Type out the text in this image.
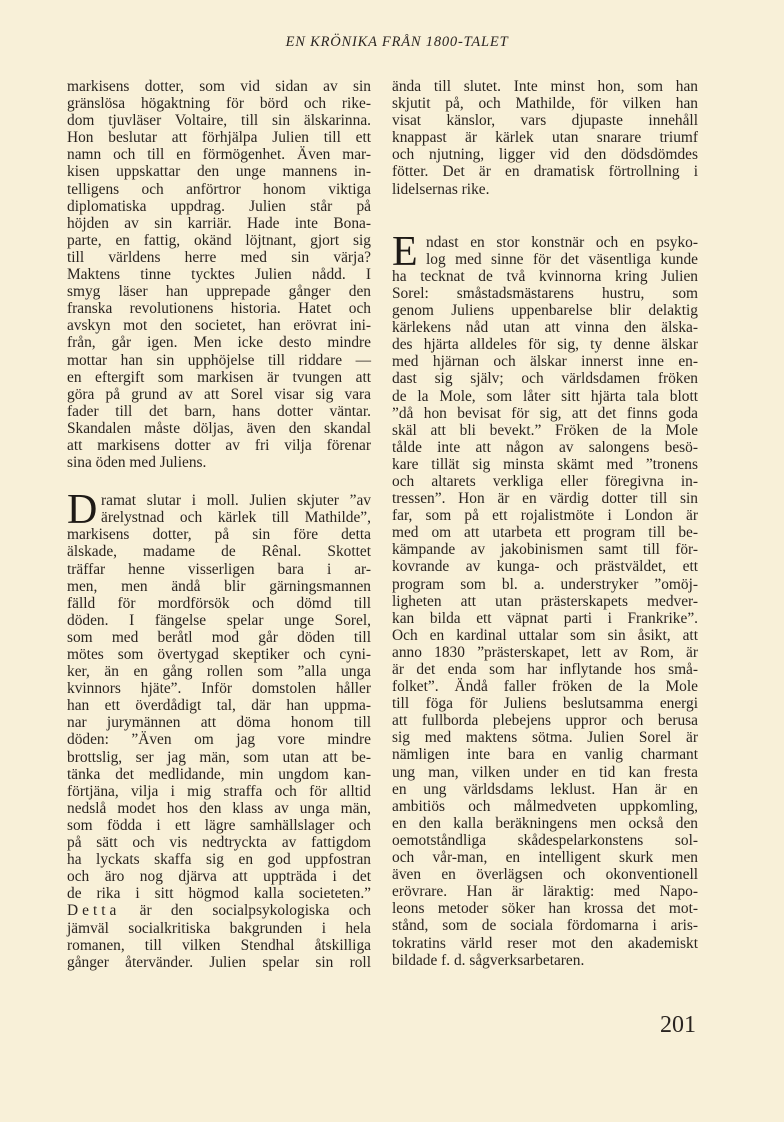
EN KRÖNIKA FRÅN 1800-TALET
markisens dotter, som vid sidan av sin
gränslösa högaktning för börd och rike-
dom tjuvläser Voltaire, till sin älskarinna.
Hon beslutar att förhjälpa Julien till ett
namn och till en förmögenhet. Även mar-
kisen uppskattar den unge mannens in-
telligens och anförtror honom viktiga
diplomatiska uppdrag. Julien står på
höjden av sin karriär. Hade inte Bona-
parte, en fattig, okänd löjtnant, gjort sig
till världens herre med sin värja?
Maktens tinne tycktes Julien nådd. I
smyg läser han upprepade gånger den
franska revolutionens historia. Hatet och
avskyn mot den societet, han erövrat ini-
från, går igen. Men icke desto mindre
mottar han sin upphöjelse till riddare —
en eftergift som markisen är tvungen att
göra på grund av att Sorel visar sig vara
fader till det barn, hans dotter väntar.
Skandalen måste döljas, även den skandal
att markisens dotter av fri vilja förenar
sina öden med Juliens.
D ramat slutar i moll. Julien skjuter ”av
ärelystnad och kärlek till Mathilde”,
markisens dotter, på sin före detta
älskade, madame de Rênal. Skottet
träffar henne visserligen bara i ar-
men, men ändå blir gärningsmannen
fälld för mordförsök och dömd till
döden. I fängelse spelar unge Sorel,
som med beråtl mod går döden till
mötes som övertygad skeptiker och cyni-
ker, än en gång rollen som ”alla unga
kvinnors hjäte”. Inför domstolen håller
han ett överdådigt tal, där han uppma-
nar jurymännen att döma honom till
döden: ”Även om jag vore mindre
brottslig, ser jag män, som utan att be-
tänka det medlidande, min ungdom kan-
förtjäna, vilja i mig straffa och för alltid
nedslå modet hos den klass av unga män,
som födda i ett lägre samhällslager och
på sätt och vis nedtryckta av fattigdom
ha lyckats skaffa sig en god uppfostran
och äro nog djärva att uppträda i det
de rika i sitt högmod kalla societeten.”
Detta är den socialpsykologiska och
jämväl socialkritiska bakgrunden i hela
romanen, till vilken Stendhal åtskilliga
gånger återvänder. Julien spelar sin roll
ända till slutet. Inte minst hon, som han
skjutit på, och Mathilde, för vilken han
visat känslor, vars djupaste innehåll
knappast är kärlek utan snarare triumf
och njutning, ligger vid den dödsdömdes
fötter. Det är en dramatisk förtrollning i
lidelsernas rike.
E ndast en stor konstnär och en psyko-
log med sinne för det väsentliga kunde
ha tecknat de två kvinnorna kring Julien
Sorel: småstadsmästarens hustru, som
genom Juliens uppenbarelse blir delaktig
kärlekens nåd utan att vinna den älska-
des hjärta alldeles för sig, ty denne älskar
med hjärnan och älskar innerst inne en-
dast sig själv; och världsdamen fröken
de la Mole, som låter sitt hjärta tala blott
”då hon bevisat för sig, att det finns goda
skäl att bli bevekt.” Fröken de la Mole
tålde inte att någon av salongens besö-
kare tillät sig minsta skämt med ”tronens
och altarets verkliga eller föregivna in-
tressen”. Hon är en värdig dotter till sin
far, som på ett rojalistmöte i London är
med om att utarbeta ett program till be-
kämpande av jakobinismen samt till för-
kovrande av kunga- och prästväldet, ett
program som bl. a. understryker ”omöj-
ligheten att utan prästerskapets medver-
kan bilda ett väpnat parti i Frankrike”.
Och en kardinal uttalar som sin åsikt, att
anno 1830 ”prästerskapet, lett av Rom, är
är det enda som har inflytande hos små-
folket”. Ändå faller fröken de la Mole
till föga för Juliens beslutsamma energi
att fullborda plebejens uppror och berusa
sig med maktens sötma. Julien Sorel är
nämligen inte bara en vanlig charmant
ung man, vilken under en tid kan fresta
en ung världsdams leklust. Han är en
ambitiös och målmedveten uppkomling,
en den kalla beräkningens men också den
oemotståndliga skådespelarkonstens sol-
och vår-man, en intelligent skurk men
även en överlägsen och okonventionell
erövrare. Han är läraktig: med Napo-
leons metoder söker han krossa det mot-
stånd, som de sociala fördomarna i aris-
tokratins värld reser mot den akademiskt
bildade f. d. sågverksarbetaren.
201
